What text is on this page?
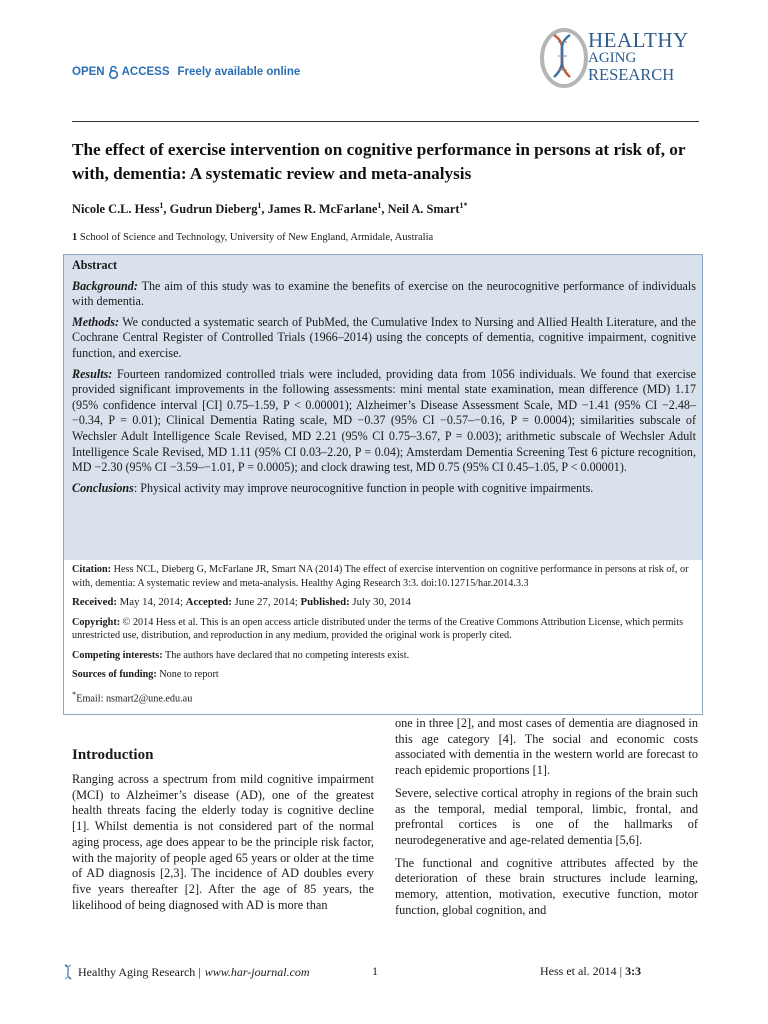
OPEN ACCESS Freely available online
HEALTHY
AGING
RESEARCH
The effect of exercise intervention on cognitive performance in persons at risk of, or with, dementia: A systematic review and meta-analysis
Nicole C.L. Hess$^1$, Gudrun Dieberg$^1$, James R. McFarlane$^1$, Neil A. Smart$^{1*}$
1 School of Science and Technology, University of New England, Armidale, Australia
Abstract

Background: The aim of this study was to examine the benefits of exercise on the neurocognitive performance of individuals with dementia.

Methods: We conducted a systematic search of PubMed, the Cumulative Index to Nursing and Allied Health Literature, and the Cochrane Central Register of Controlled Trials (1966–2014) using the concepts of dementia, cognitive impairment, cognitive function, and exercise.

Results: Fourteen randomized controlled trials were included, providing data from 1056 individuals. We found that exercise provided significant improvements in the following assessments: mini mental state examination, mean difference (MD) 1.17 (95% confidence interval [CI] 0.75–1.59, P < 0.00001); Alzheimer’s Disease Assessment Scale, MD −1.41 (95% CI −2.48–−0.34, P = 0.01); Clinical Dementia Rating scale, MD −0.37 (95% CI −0.57–−0.16, P = 0.0004); similarities subscale of Wechsler Adult Intelligence Scale Revised, MD 2.21 (95% CI 0.75–3.67, P = 0.003); arithmetic subscale of Wechsler Adult Intelligence Scale Revised, MD 1.11 (95% CI 0.03–2.20, P = 0.04); Amsterdam Dementia Screening Test 6 picture recognition, MD −2.30 (95% CI −3.59–−1.01, P = 0.0005); and clock drawing test, MD 0.75 (95% CI 0.45–1.05, P < 0.00001).

Conclusions: Physical activity may improve neurocognitive function in people with cognitive impairments.

Citation: Hess NCL, Dieberg G, McFarlane JR, Smart NA (2014) The effect of exercise intervention on cognitive performance in persons at risk of, or with, dementia: A systematic review and meta-analysis. Healthy Aging Research 3:3. doi:10.12715/har.2014.3.3

Received: May 14, 2014; Accepted: June 27, 2014; Published: July 30, 2014

Copyright: © 2014 Hess et al. This is an open access article distributed under the terms of the Creative Commons Attribution License, which permits unrestricted use, distribution, and reproduction in any medium, provided the original work is properly cited.

Competing interests: The authors have declared that no competing interests exist.

Sources of funding: None to report

*Email: nsmart2@une.edu.au

Introduction

Ranging across a spectrum from mild cognitive impairment (MCI) to Alzheimer’s disease (AD), one of the greatest health threats facing the elderly today is cognitive decline [1]. Whilst dementia is not considered part of the normal aging process, age does appear to be the principle risk factor, with the majority of people aged 65 years or older at the time of AD diagnosis [2,3]. The incidence of AD doubles every five years thereafter [2]. After the age of 85 years, the likelihood of being diagnosed with AD is more than

one in three [2], and most cases of dementia are diagnosed in this age category [4]. The social and economic costs associated with dementia in the western world are forecast to reach epidemic proportions [1].

Severe, selective cortical atrophy in regions of the brain such as the temporal, medial temporal, limbic, frontal, and prefrontal cortices is one of the hallmarks of neurodegenerative and age-related dementia [5,6].

The functional and cognitive attributes affected by the deterioration of these brain structures include learning, memory, attention, motivation, executive function, motor function, global cognition, and

Healthy Aging Research | www.har-journal.com	1	Hess et al. 2014 | 3:3
